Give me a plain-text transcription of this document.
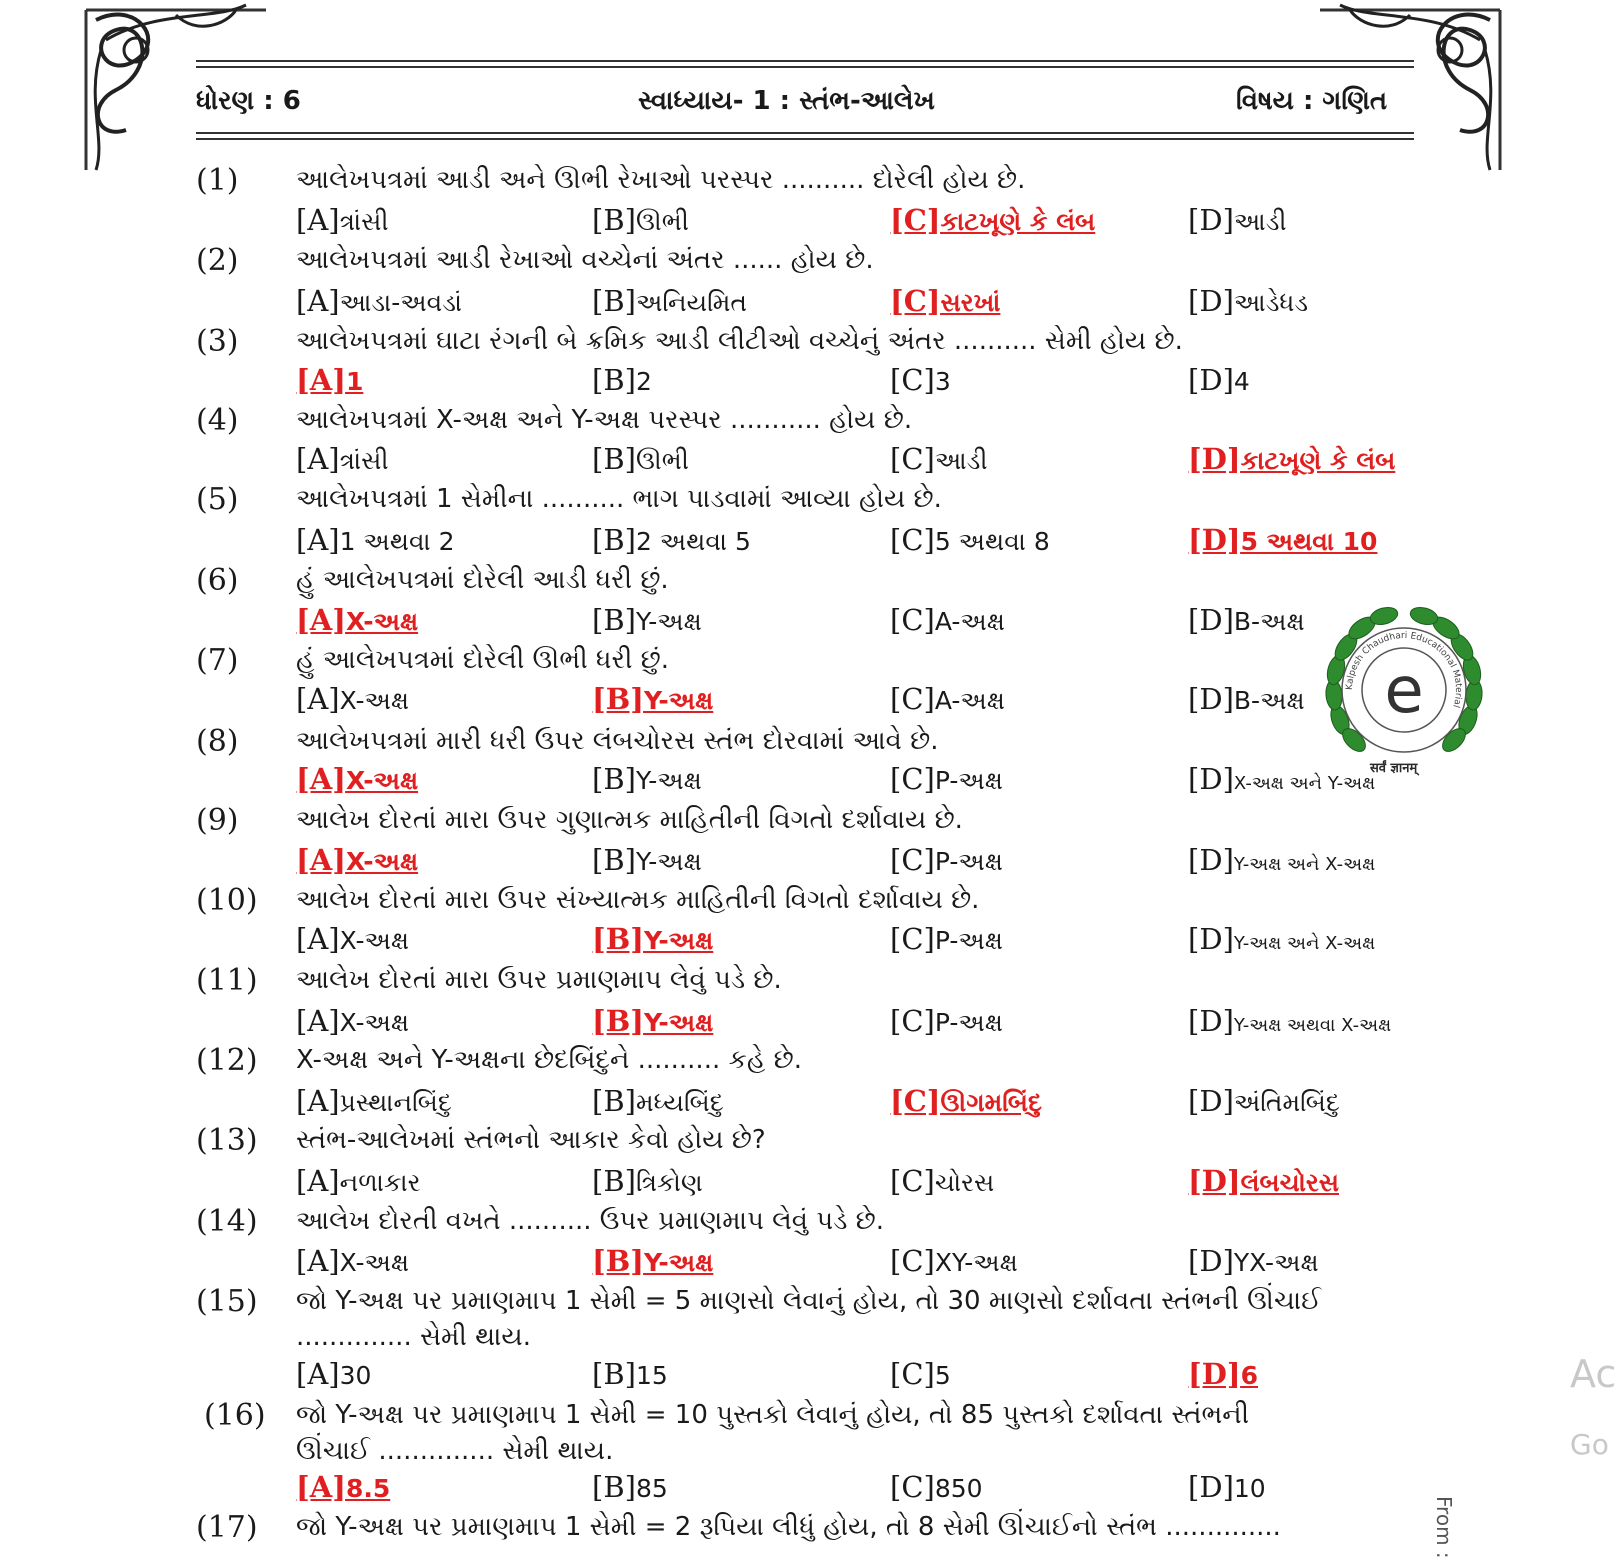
ધોરણ : 6	સ્વાધ્યાય- 1 : સ્તંભ-આલેખ	વિષય : ગણિત
(1) આલેખપત્રમાં આડી અને ઊભી રેખાઓ પરસ્પર .......... દોરેલી હોય છે.
[A]ત્રાંસી	[B]ઊભી	[C]કાટખૂણે કે લંબ	[D]આડી
(2) આલેખપત્રમાં આડી રેખાઓ વચ્ચેનાં અંતર ...... હોય છે.
[A]આડા-અવડાં	[B]અનિયમિત	[C]સરખાં	[D]આડેધડ
(3) આલેખપત્રમાં ઘાટા રંગની બે ક્રમિક આડી લીટીઓ વચ્ચેનું અંતર .......... સેમી હોય છે.
[A]1	[B]2	[C]3	[D]4
(4) આલેખપત્રમાં X-અક્ષ અને Y-અક્ષ પરસ્પર ........... હોય છે.
[A]ત્રાંસી	[B]ઊભી	[C]આડી	[D]કાટખૂણે કે લંબ
(5) આલેખપત્રમાં 1 સેમીના .......... ભાગ પાડવામાં આવ્યા હોય છે.
[A]1 અથવા 2	[B]2 અથવા 5	[C]5 અથવા 8	[D]5 અથવા 10
(6) હું આલેખપત્રમાં દોરેલી આડી ધરી છું.
[A]X-અક્ષ	[B]Y-અક્ષ	[C]A-અક્ષ	[D]B-અક્ષ
(7) હું આલેખપત્રમાં દોરેલી ઊભી ધરી છું.
[A]X-અક્ષ	[B]Y-અક્ષ	[C]A-અક્ષ	[D]B-અક્ષ
(8) આલેખપત્રમાં મારી ધરી ઉપર લંબચોરસ સ્તંભ દોરવામાં આવે છે.
[A]X-અક્ષ	[B]Y-અક્ષ	[C]P-અક્ષ	[D]X-અક્ષ અને Y-અક્ષ
(9) આલેખ દોરતાં મારા ઉપર ગુણાત્મક માહિતીની વિગતો દર્શાવાય છે.
[A]X-અક્ષ	[B]Y-અક્ષ	[C]P-અક્ષ	[D]Y-અક્ષ અને X-અક્ષ
(10) આલેખ દોરતાં મારા ઉપર સંખ્યાત્મક માહિતીની વિગતો દર્શાવાય છે.
[A]X-અક્ષ	[B]Y-અક્ષ	[C]P-અક્ષ	[D]Y-અક્ષ અને X-અક્ષ
(11) આલેખ દોરતાં મારા ઉપર પ્રમાણમાપ લેવું પડે છે.
[A]X-અક્ષ	[B]Y-અક્ષ	[C]P-અક્ષ	[D]Y-અક્ષ અથવા X-અક્ષ
(12) X-અક્ષ અને Y-અક્ષના છેદબિંદુને .......... કહે છે.
[A]પ્રસ્થાનબિંદુ	[B]મધ્યબિંદુ	[C]ઊગમબિંદુ	[D]અંતિમબિંદુ
(13) સ્તંભ-આલેખમાં સ્તંભનો આકાર કેવો હોય છે?
[A]નળાકાર	[B]ત્રિકોણ	[C]ચોરસ	[D]લંબચોરસ
(14) આલેખ દોરતી વખતે .......... ઉપર પ્રમાણમાપ લેવું પડે છે.
[A]X-અક્ષ	[B]Y-અક્ષ	[C]XY-અક્ષ	[D]YX-અક્ષ
(15) જો Y-અક્ષ પર પ્રમાણમાપ 1 સેમી = 5 માણસો લેવાનું હોય, તો 30 માણસો દર્શાવતા સ્તંભની ઊંચાઈ
.............. સેમી થાય.
[A]30	[B]15	[C]5	[D]6
(16) જો Y-અક્ષ પર પ્રમાણમાપ 1 સેમી = 10 પુસ્તકો લેવાનું હોય, તો 85 પુસ્તકો દર્શાવતા સ્તંભની
ઊંચાઈ .............. સેમી થાય.
[A]8.5	[B]85	[C]850	[D]10
(17) જો Y-અક્ષ પર પ્રમાણમાપ 1 સેમી = 2 રૂપિયા લીધું હોય, તો 8 સેમી ઊંચાઈનો સ્તંભ ..............
Kalpesh Chaudhari Educational Material
e
सर्वं ज्ञानम्
From :
Ac
Go
